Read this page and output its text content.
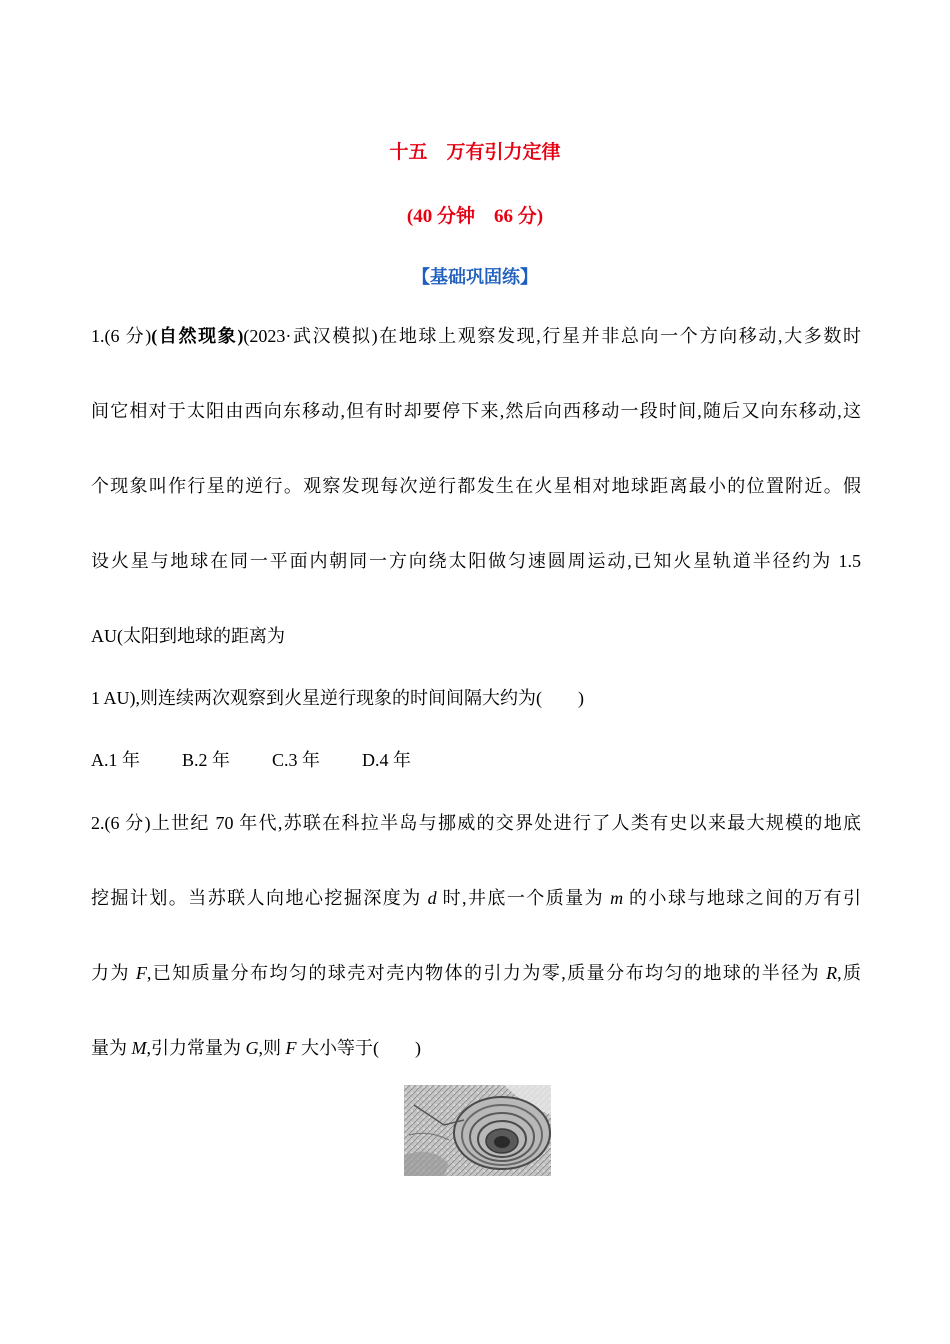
十五　万有引力定律
(40 分钟　66 分)
【基础巩固练】
1.(6 分)(自然现象)(2023·武汉模拟)在地球上观察发现,行星并非总向一个方向移动,大多数时
间它相对于太阳由西向东移动,但有时却要停下来,然后向西移动一段时间,随后又向东移动,这
个现象叫作行星的逆行。观察发现每次逆行都发生在火星相对地球距离最小的位置附近。假
设火星与地球在同一平面内朝同一方向绕太阳做匀速圆周运动,已知火星轨道半径约为 1.5
AU(太阳到地球的距离为
1 AU),则连续两次观察到火星逆行现象的时间间隔大约为( )
A.1 年 B.2 年 C.3 年 D.4 年
2.(6 分)上世纪 70 年代,苏联在科拉半岛与挪威的交界处进行了人类有史以来最大规模的地底
挖掘计划。当苏联人向地心挖掘深度为 d 时,井底一个质量为 m 的小球与地球之间的万有引
力为 F,已知质量分布均匀的球壳对壳内物体的引力为零,质量分布均匀的地球的半径为 R,质
量为 M,引力常量为 G,则 F 大小等于( )
